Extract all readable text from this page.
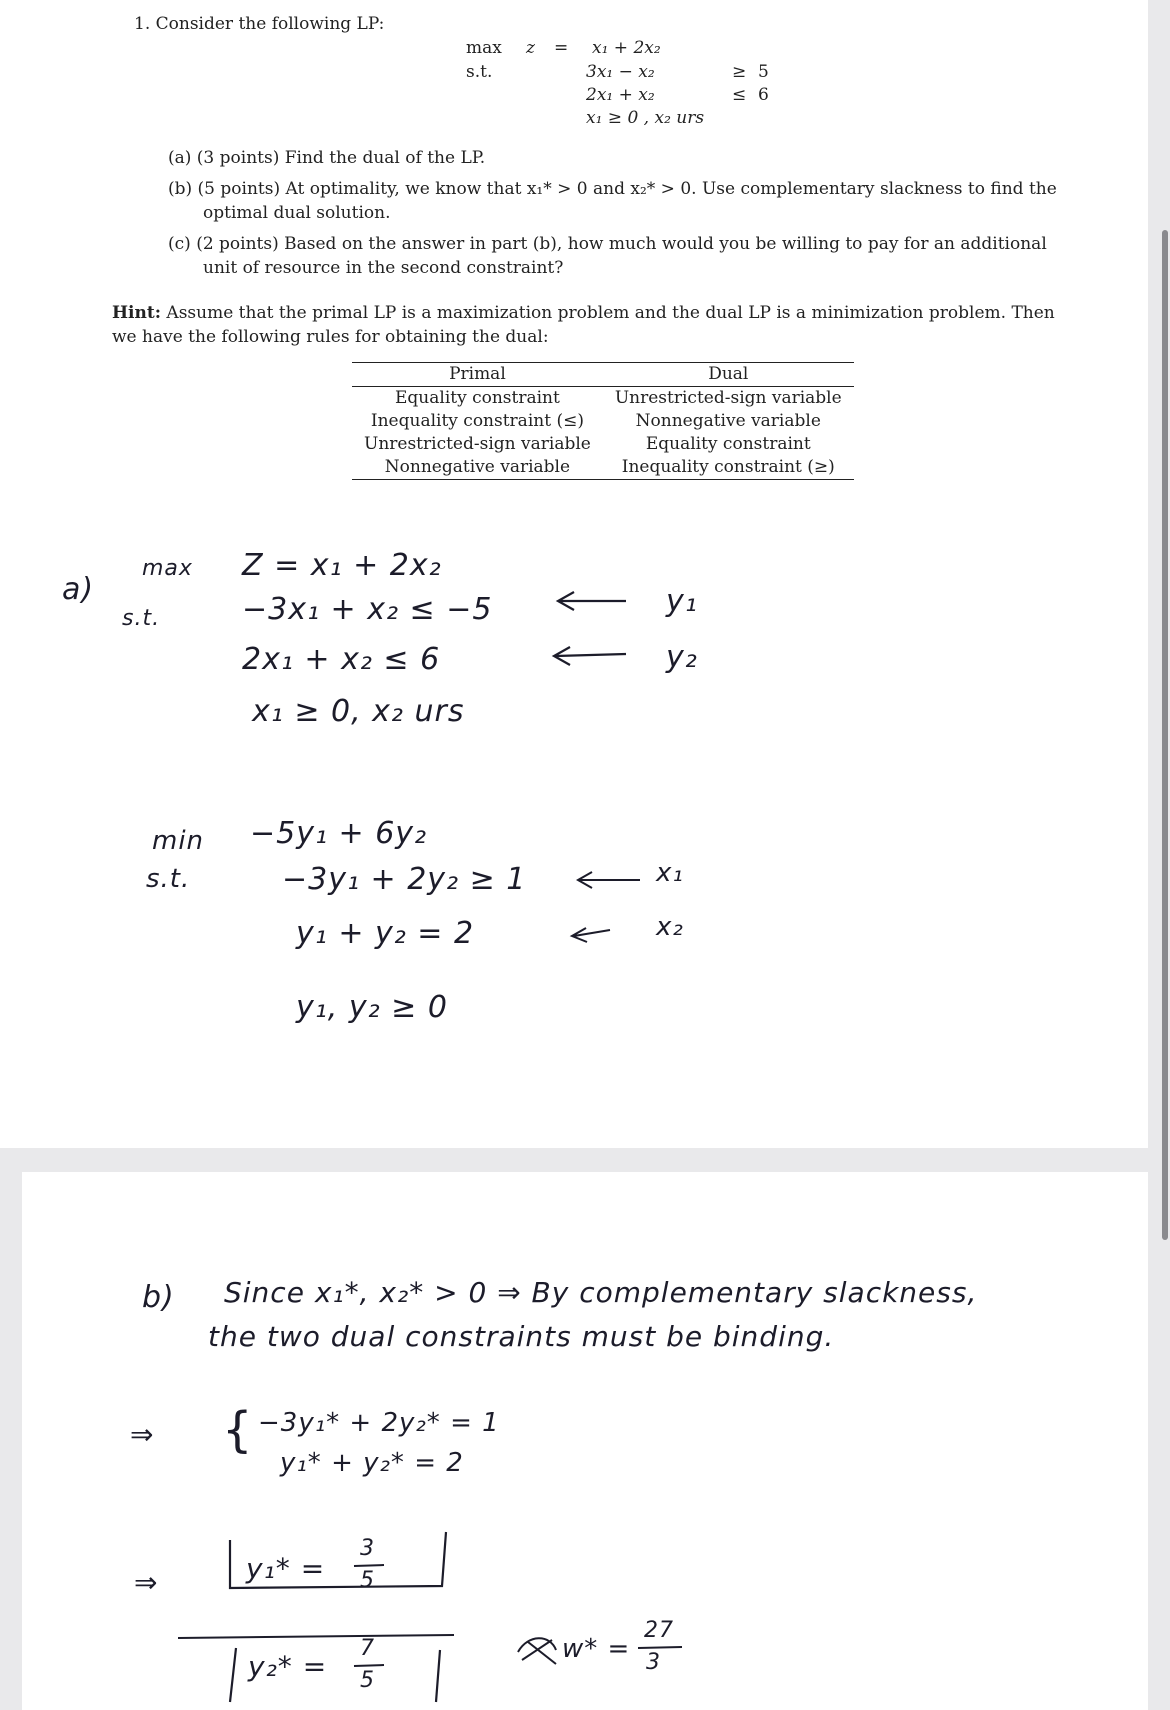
1. Consider the following LP:
max z = x₁ + 2x₂
s.t.	3x₁ − x₂	≥ 5
2x₁ + x₂	≤ 6
x₁ ≥ 0 , x₂ urs
(a) (3 points) Find the dual of the LP.
(b) (5 points) At optimality, we know that x₁* > 0 and x₂* > 0. Use complementary slackness to find the
optimal dual solution.
(c) (2 points) Based on the answer in part (b), how much would you be willing to pay for an additional
unit of resource in the second constraint?
Hint: Assume that the primal LP is a maximization problem and the dual LP is a minimization problem. Then
we have the following rules for obtaining the dual:
Primal	Dual
Equality constraint	Unrestricted-sign variable
Inequality constraint (≤)	Nonnegative variable
Unrestricted-sign variable	Equality constraint
Nonnegative variable	Inequality constraint (≥)
a)
max
s.t.
Z = x₁ + 2x₂
−3x₁ + x₂ ≤ −5	y₁
2x₁ + x₂ ≤ 6	y₂
x₁ ≥ 0, x₂ urs
min
s.t.
−5y₁ + 6y₂
−3y₁ + 2y₂ ≥ 1	x₁
y₁ + y₂ = 2	x₂
y₁, y₂ ≥ 0
b) Since x₁*, x₂* > 0 ⇒ By complementary slackness,
the two dual constraints must be binding.
⇒ { −3y₁* + 2y₂* = 1
y₁* + y₂* = 2
⇒	y₁* =
3
5
y₂* =
7
5
w* =
27
3
